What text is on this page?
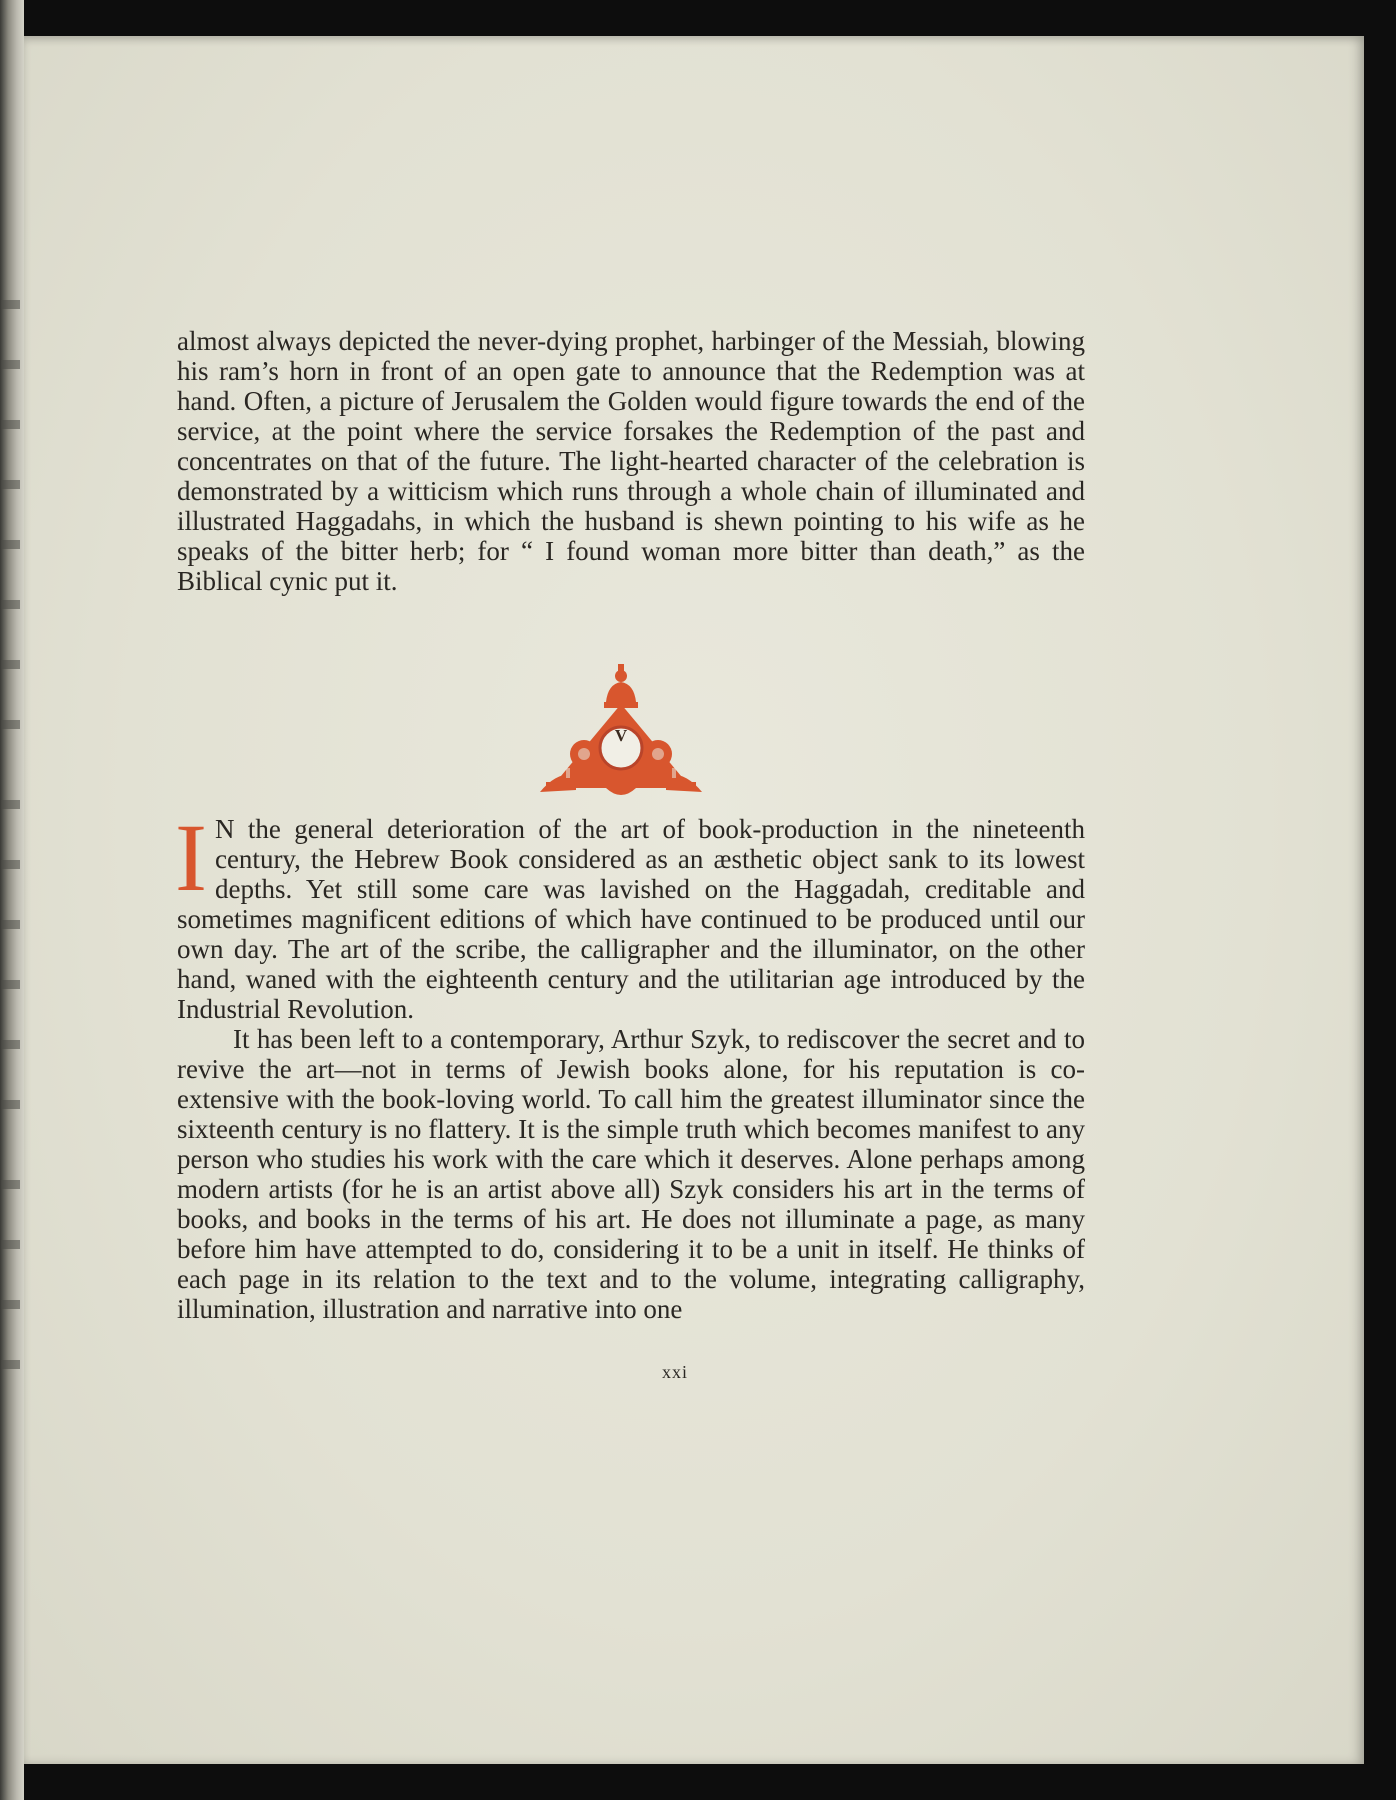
almost always depicted the never-dying prophet, harbinger of the Messiah, blowing his ram’s horn in front of an open gate to announce that the Redemption was at hand. Often, a picture of Jerusalem the Golden would figure towards the end of the service, at the point where the service forsakes the Redemption of the past and concentrates on that of the future. The light-hearted character of the celebration is demonstrated by a witticism which runs through a whole chain of illuminated and illustrated Haggadahs, in which the husband is shewn pointing to his wife as he speaks of the bitter herb; for “ I found woman more bitter than death,” as the Biblical cynic put it.

V

I N the general deterioration of the art of book-production in the nineteenth century, the Hebrew Book considered as an æsthetic object sank to its lowest depths. Yet still some care was lavished on the Haggadah, creditable and sometimes magnificent editions of which have continued to be produced until our own day. The art of the scribe, the calligrapher and the illuminator, on the other hand, waned with the eighteenth century and the utilitarian age introduced by the Industrial Revolution.

It has been left to a contemporary, Arthur Szyk, to rediscover the secret and to revive the art—not in terms of Jewish books alone, for his reputation is co-extensive with the book-loving world. To call him the greatest illuminator since the sixteenth century is no flattery. It is the simple truth which becomes manifest to any person who studies his work with the care which it deserves. Alone perhaps among modern artists (for he is an artist above all) Szyk considers his art in the terms of books, and books in the terms of his art. He does not illuminate a page, as many before him have attempted to do, considering it to be a unit in itself. He thinks of each page in its relation to the text and to the volume, integrating calligraphy, illumination, illustration and narrative into one

xxi
